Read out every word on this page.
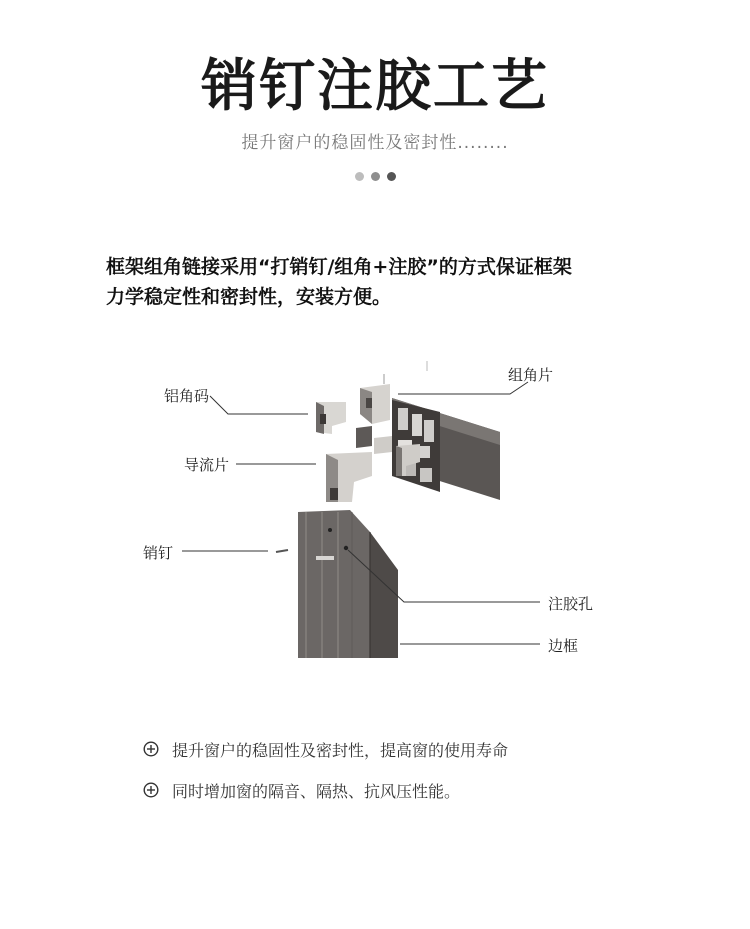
销钉注胶工艺
提升窗户的稳固性及密封性........

框架组角链接采用“打销钉/组角+注胶”的方式保证框架

力学稳定性和密封性，安装方便。

铝角码
组角片
导流片
销钉
注胶孔
边框
提升窗户的稳固性及密封性，提高窗的使用寿命
同时增加窗的隔音、隔热、抗风压性能。
